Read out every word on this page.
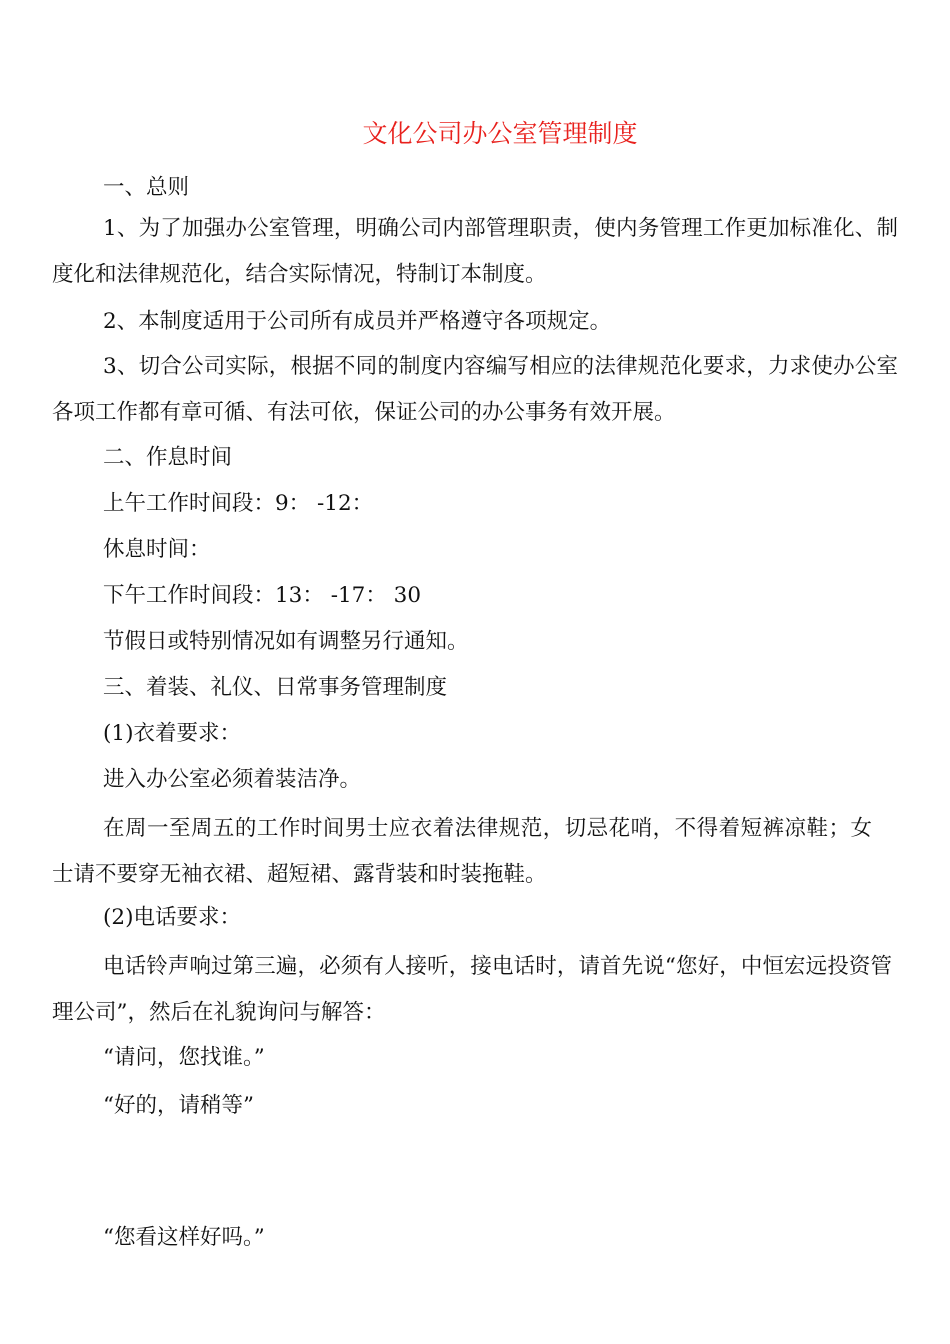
文化公司办公室管理制度
一、总则
1、为了加强办公室管理，明确公司内部管理职责，使内务管理工作更加标准化、制度化和法律规范化，结合实际情况，特制订本制度。
2、本制度适用于公司所有成员并严格遵守各项规定。
3、切合公司实际，根据不同的制度内容编写相应的法律规范化要求，力求使办公室各项工作都有章可循、有法可依，保证公司的办公事务有效开展。
二、作息时间
上午工作时间段：9： -12：
休息时间：
下午工作时间段：13： -17： 30
节假日或特别情况如有调整另行通知。
三、着装、礼仪、日常事务管理制度
(1)衣着要求：
进入办公室必须着装洁净。
在周一至周五的工作时间男士应衣着法律规范，切忌花哨，不得着短裤凉鞋；女士请不要穿无袖衣裙、超短裙、露背装和时装拖鞋。
(2)电话要求：
电话铃声响过第三遍，必须有人接听，接电话时，请首先说“您好，中恒宏远投资管理公司”，然后在礼貌询问与解答：
“请问，您找谁。”
“好的，请稍等”
“您看这样好吗。”
